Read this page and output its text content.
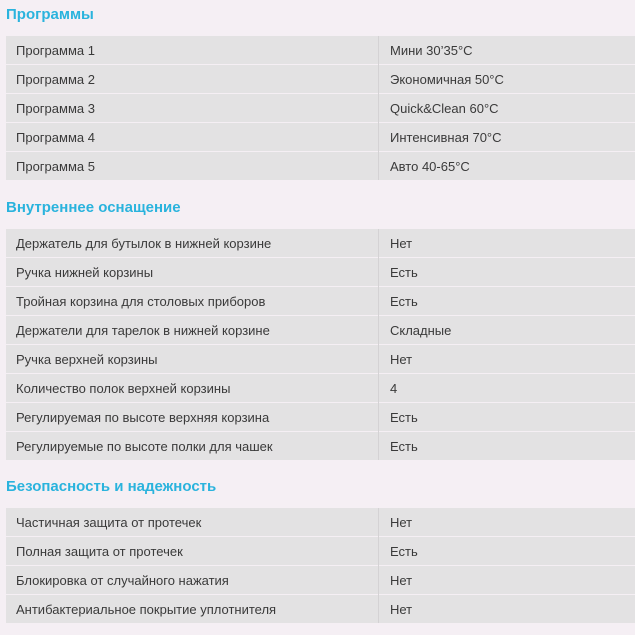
Программы
Программа 1	Мини 30’35°C
Программа 2	Экономичная 50°C
Программа 3	Quick&Clean 60°C
Программа 4	Интенсивная 70°C
Программа 5	Авто 40-65°C
Внутреннее оснащение
Держатель для бутылок в нижней корзине	Нет
Ручка нижней корзины	Есть
Тройная корзина для столовых приборов	Есть
Держатели для тарелок в нижней корзине	Складные
Ручка верхней корзины	Нет
Количество полок верхней корзины	4
Регулируемая по высоте верхняя корзина	Есть
Регулируемые по высоте полки для чашек	Есть
Безопасность и надежность
Частичная защита от протечек	Нет
Полная защита от протечек	Есть
Блокировка от случайного нажатия	Нет
Антибактериальное покрытие уплотнителя	Нет
